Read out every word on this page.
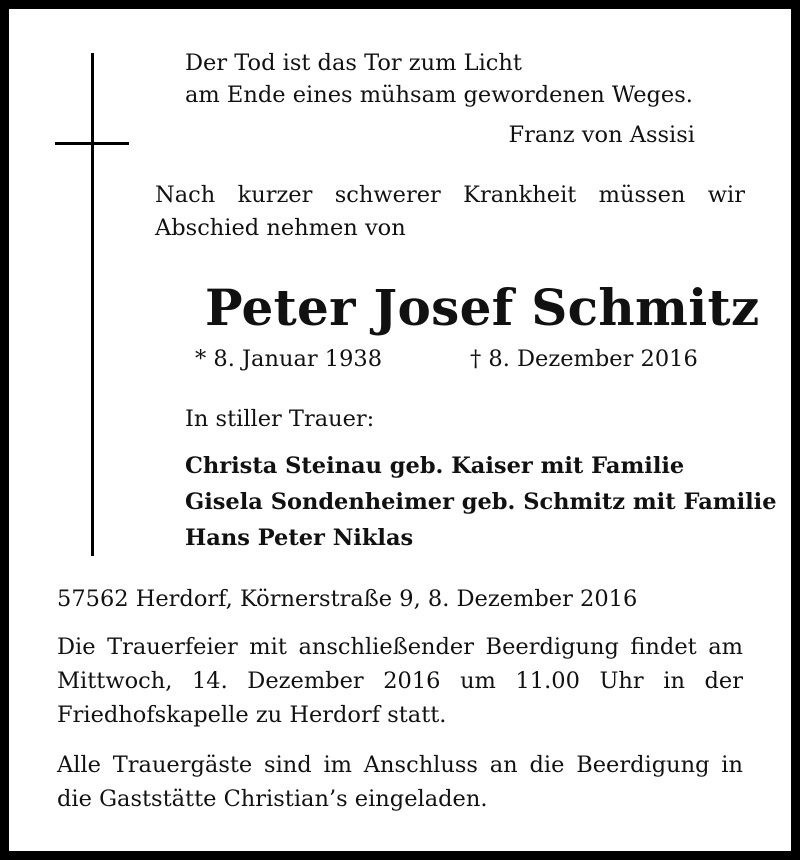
Der Tod ist das Tor zum Licht
am Ende eines mühsam gewordenen Weges.
Franz von Assisi
Nach kurzer schwerer Krankheit müssen wir Abschied nehmen von
Peter Josef Schmitz
* 8. Januar 1938	† 8. Dezember 2016
In stiller Trauer:
Christa Steinau geb. Kaiser mit Familie
Gisela Sondenheimer geb. Schmitz mit Familie
Hans Peter Niklas
57562 Herdorf, Körnerstraße 9, 8. Dezember 2016
Die Trauerfeier mit anschließender Beerdigung findet am Mittwoch, 14. Dezember 2016 um 11.00 Uhr in der Friedhofskapelle zu Herdorf statt.
Alle Trauergäste sind im Anschluss an die Beerdigung in die Gaststätte Christian’s eingeladen.
